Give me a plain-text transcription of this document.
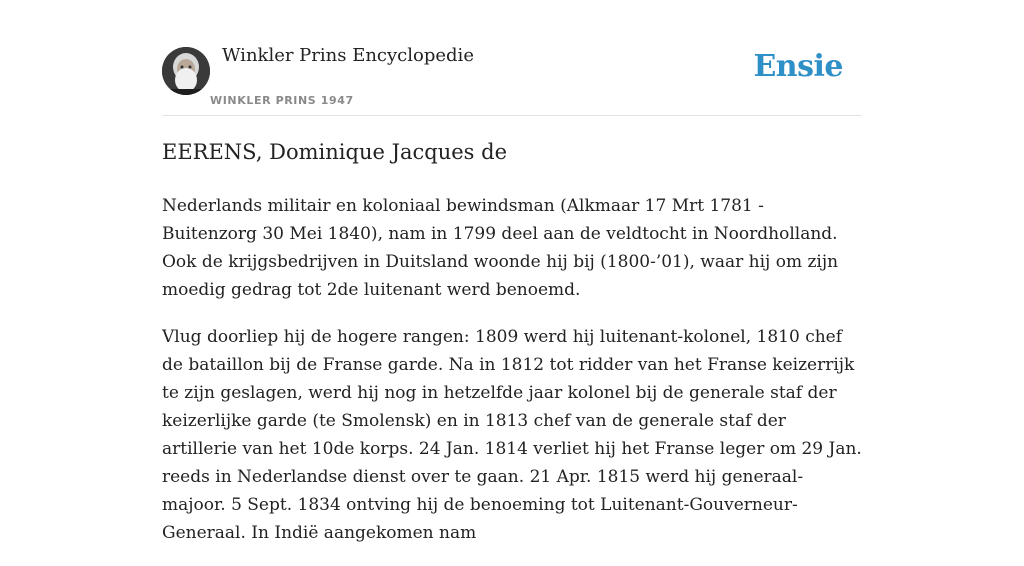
Winkler Prins Encyclopedie
WINKLER PRINS 1947
Ensie
EERENS, Dominique Jacques de

Nederlands militair en koloniaal bewindsman (Alkmaar 17 Mrt 1781 - Buitenzorg 30 Mei 1840), nam in 1799 deel aan de veldtocht in Noordholland. Ook de krijgsbedrijven in Duitsland woonde hij bij (1800-’01), waar hij om zijn moedig gedrag tot 2de luitenant werd benoemd.

Vlug doorliep hij de hogere rangen: 1809 werd hij luitenant-kolonel, 1810 chef de bataillon bij de Franse garde. Na in 1812 tot ridder van het Franse keizerrijk te zijn geslagen, werd hij nog in hetzelfde jaar kolonel bij de generale staf der keizerlijke garde (te Smolensk) en in 1813 chef van de generale staf der artillerie van het 10de korps. 24 Jan. 1814 verliet hij het Franse leger om 29 Jan. reeds in Nederlandse dienst over te gaan. 21 Apr. 1815 werd hij generaal-majoor. 5 Sept. 1834 ontving hij de benoeming tot Luitenant-Gouverneur-Generaal. In Indië aangekomen nam
